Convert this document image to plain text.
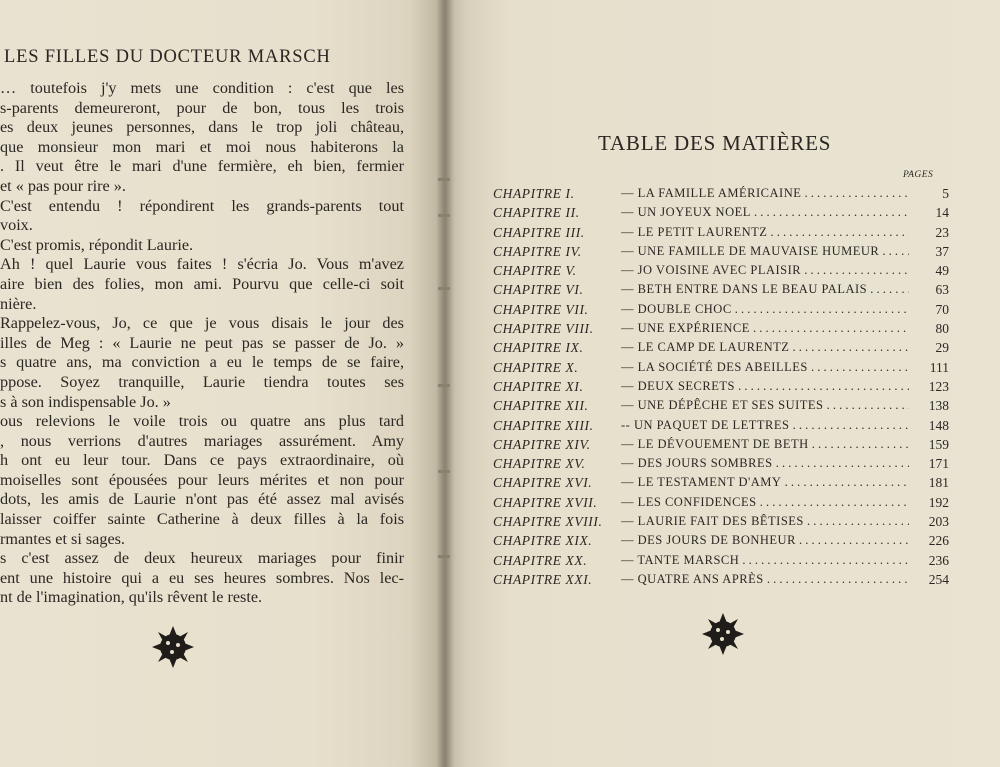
LES FILLES DU DOCTEUR MARSCH
… toutefois j'y mets une condition : c'est que les
s-parents demeureront, pour de bon, tous les trois
es deux jeunes personnes, dans le trop joli château,
que monsieur mon mari et moi nous habiterons la
. Il veut être le mari d'une fermière, eh bien, fermier
et « pas pour rire ».
C'est entendu ! répondirent les grands-parents tout
voix.
C'est promis, répondit Laurie.
Ah ! quel Laurie vous faites ! s'écria Jo. Vous m'avez
aire bien des folies, mon ami. Pourvu que celle-ci soit
nière.
Rappelez-vous, Jo, ce que je vous disais le jour des
illes de Meg : « Laurie ne peut pas se passer de Jo. »
s quatre ans, ma conviction a eu le temps de se faire,
ppose. Soyez tranquille, Laurie tiendra toutes ses
s à son indispensable Jo. »
ous relevions le voile trois ou quatre ans plus tard
, nous verrions d'autres mariages assurément. Amy
h ont eu leur tour. Dans ce pays extraordinaire, où
moiselles sont épousées pour leurs mérites et non pour
dots, les amis de Laurie n'ont pas été assez mal avisés
laisser coiffer sainte Catherine à deux filles à la fois
rmantes et si sages.
s c'est assez de deux heureux mariages pour finir
ent une histoire qui a eu ses heures sombres. Nos lec-
nt de l'imagination, qu'ils rêvent le reste.
TABLE DES MATIÈRES
PAGES
CHAPITRE I.	— LA FAMILLE AMÉRICAINE . . .	5
CHAPITRE II.	— UN JOYEUX NOEL . . .	14
CHAPITRE III.	— LE PETIT LAURENTZ . . .	23
CHAPITRE IV.	— UNE FAMILLE DE MAUVAISE HUMEUR . . .	37
CHAPITRE V.	— JO VOISINE AVEC PLAISIR . . .	49
CHAPITRE VI.	— BETH ENTRE DANS LE BEAU PALAIS . . .	63
CHAPITRE VII.	— DOUBLE CHOC . . .	70
CHAPITRE VIII. — UNE EXPÉRIENCE . . .	80
CHAPITRE IX.	— LE CAMP DE LAURENTZ . . .	29
CHAPITRE X.	— LA SOCIÉTÉ DES ABEILLES . . .	111
CHAPITRE XI.	— DEUX SECRETS . . .	123
CHAPITRE XII.	— UNE DÉPÊCHE ET SES SUITES . . .	138
CHAPITRE XIII. -- UN PAQUET DE LETTRES . . .	148
CHAPITRE XIV. — LE DÉVOUEMENT DE BETH . . .	159
CHAPITRE XV.	— DES JOURS SOMBRES . . .	171
CHAPITRE XVI. — LE TESTAMENT D'AMY . . .	181
CHAPITRE XVII. — LES CONFIDENCES . . .	192
CHAPITRE XVIII. — LAURIE FAIT DES BÊTISES . . .	203
CHAPITRE XIX. — DES JOURS DE BONHEUR . . .	226
CHAPITRE XX.	— TANTE MARSCH . . .	236
CHAPITRE XXI. — QUATRE ANS APRÈS . . .	254
